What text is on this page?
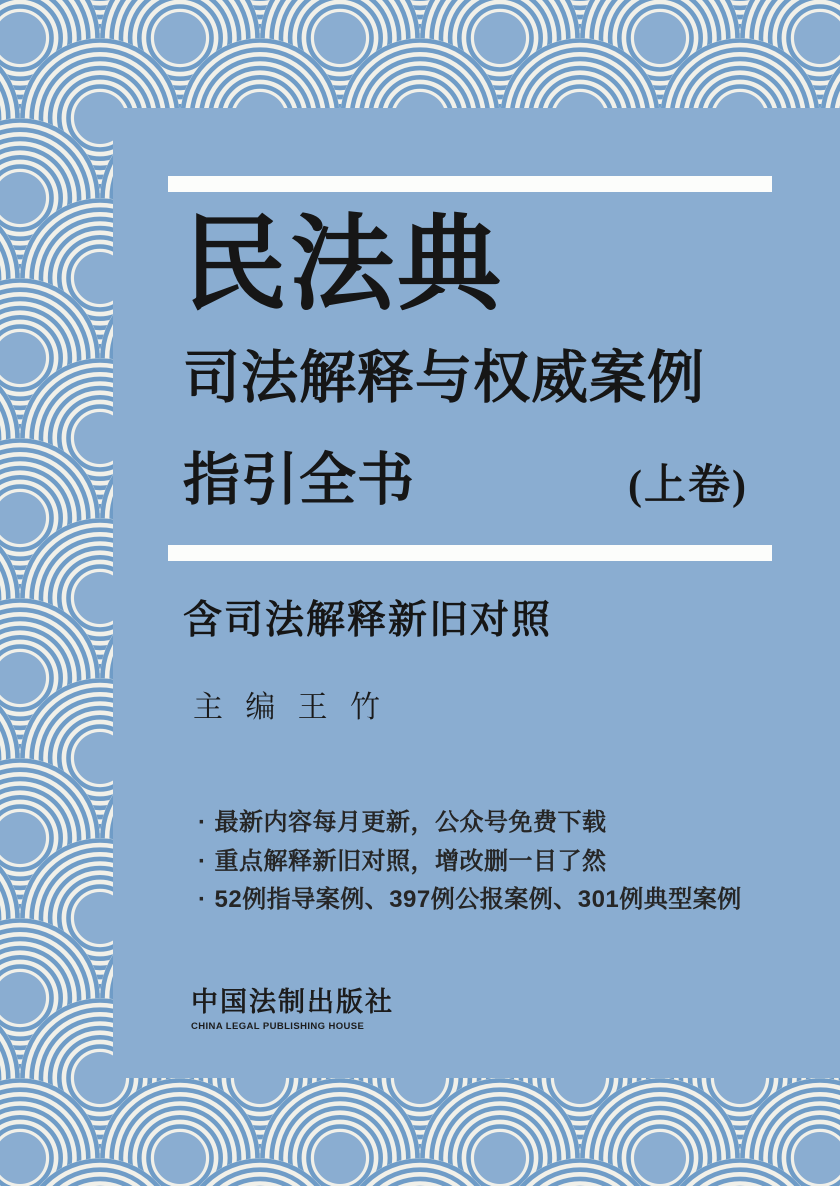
民法典
司法解释与权威案例
指引全书	(上卷)
含司法解释新旧对照
主 编 王 竹
· 最新内容每月更新，公众号免费下载
· 重点解释新旧对照，增改删一目了然
· 52例指导案例、397例公报案例、301例典型案例
中国法制出版社
CHINA LEGAL PUBLISHING HOUSE
